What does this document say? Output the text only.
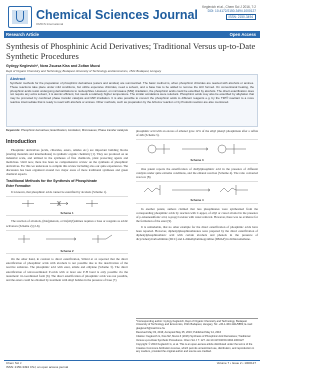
Chemical Sciences Journal
OMICS International
Keglevich et al., Chem Sci J 2016, 7:2
DOI: 10.4172/2150-3494.1000127
ISSN: 2150-3494
Research Article	Open Access
Synthesis of Phosphinic Acid Derivatives; Traditional Versus up-to-Date Synthetic Procedures
György Keglevich*, Nora Zsuzsa Kiss and Zoltan Mucsi
Dept of Organic Chemistry and Technology, Budapest University of Technology and Economics, 1521 Budapest, Hungary
Abstract
Synthetic methods for the preparation of phosphinic derivatives (esters and amides) are summarized. The basic method is, when phosphinic chlorides are reacted with alcohols or amines. These reactions take place under mild conditions, but utilize expensive chlorides, need a solvent, and a base has to be added to remove the HCl formed. On conventional heating, the phosphinic acids resist undergoing derivatizations to nucleophiles. However, on microwave (MW) irradiation, the phosphinic acids could be esterified by alcohols. The direct esterification does not require any extra solvent, it is atomic efficient, but needs a relatively higher temperature. The similar amidations were reluctant. Phosphinic acids may also be esterified by alkylation that may be promoted by combined phase transfer catalysis and MW irradiation. It is also possible to convert the phosphinic acids to different reagents e.g. by the T3P® reactant to a more reactive intermediate that is ready to react with alcohols or amines. Other methods, such as preparation by the Arbuzov reaction or by Pudovik reaction are also mentioned.
Keywords: Phosphinic derivatives; Esterification; Amidation; Microwaves; Phase transfer catalysis
Introduction

Phosphinic derivatives (acids, chlorides, esters, amides etc.) are important building blocks (starting materials and intermediates) in synthetic organic chemistry [1]. They are produced on an industrial scale, and utilized in the syntheses of fine chemicals, plant protecting agents and medicines. Until now, there has been no comprehensive review on the synthesis of phosphinic derivatives. For this we undertook to compile this review including also our quite experiences. The discussion has been organized around two major areas of more traditional syntheses and green chemical aspects.

Traditional Methods for the Synthesis of Phosphinate
Ester Formation

It is known, that phosphinic acids cannot be esterified by alcohols (Scheme 1).

Scheme 1

The reaction of alcohols, (thio)phenols, or bis(silyl)amines requires a base or reagents as acidic activators (Scheme 2) [2-6].

Scheme 2

On the other hand, in contrast to direct esterification, Sillard et al. reported that the direct esterification of phosphinic acids with alcohols is not possible due to the deactivation of the reactive substrate. The phosphinic acid with ester, amide and ethylene (Scheme 3). The direct esterification of tetracoordinated P-acids with at least one P-H bond is only possible via the tautomeric tri-coordinated form [6]. The direct esterification of phosphinic acids was not possible, and the esters could be obtained by treatment with alkyl halides in the presence of base [7].

phosphinic acid with an excess of ethanol gave 12% of the ethyl phenyl phosphinate after a reflux of 42h (Scheme 3).

Scheme 3

One patent reports the esterification of diallylphosphinic acid in the presence of different catalysts under quite extreme conditions, and the ethanol reaction (Scheme 4). The ratio converted was low [8].

Scheme 4

In another patent, authors claimed that less phosphinates were synthesized from the corresponding phosphinic acids by reaction with C-upper, of allyl or cresol alcohol in the presence of p-toluenesulfonic acid, n-propyl acetate with water removal. However, there was no evidence for the formation of the ester [9].

It is remarkable, that no other example for the direct esterification of phosphinic acids have been reported. However, diphenylphosphinothioates were prepared by the direct esterification of diphenylphosphinothioic acid with certain alcohols and phenols in the presence of dicyclohexylcarbodiimide (DCC) and 4-dimethylaminopyridine (DMAP) in dichloromethane.

*Corresponding author: György Keglevich, Dept of Organic Chemistry and Technology, Budapest University of Technology and Economics, 1521 Budapest, Hungary, Tel: +36-1-463-1111/5883; E-mail: gkeglevich@mail.bme.hu

Received May 03, 2016; Accepted May 05, 2016; Published May 14, 2016

Citation: Keglevich G, Kiss NZ, Mucsi Z (2016) Synthesis of Phosphinic Acid Derivatives; Traditional Versus up-to-Date Synthetic Procedures. Chem Sci J 7: 127. doi:10.4172/2150-3494.1000127

Copyright: © 2016 Keglevich G, et al. This is an open-access article distributed under the terms of the Creative Commons Attribution License, which permits unrestricted use, distribution, and reproduction in any medium, provided the original author and source are credited.

Chem Sci J
ISSN: 2150-3494 CSJ, an open access journal
Volume 7 • Issue 2 • 1000127
